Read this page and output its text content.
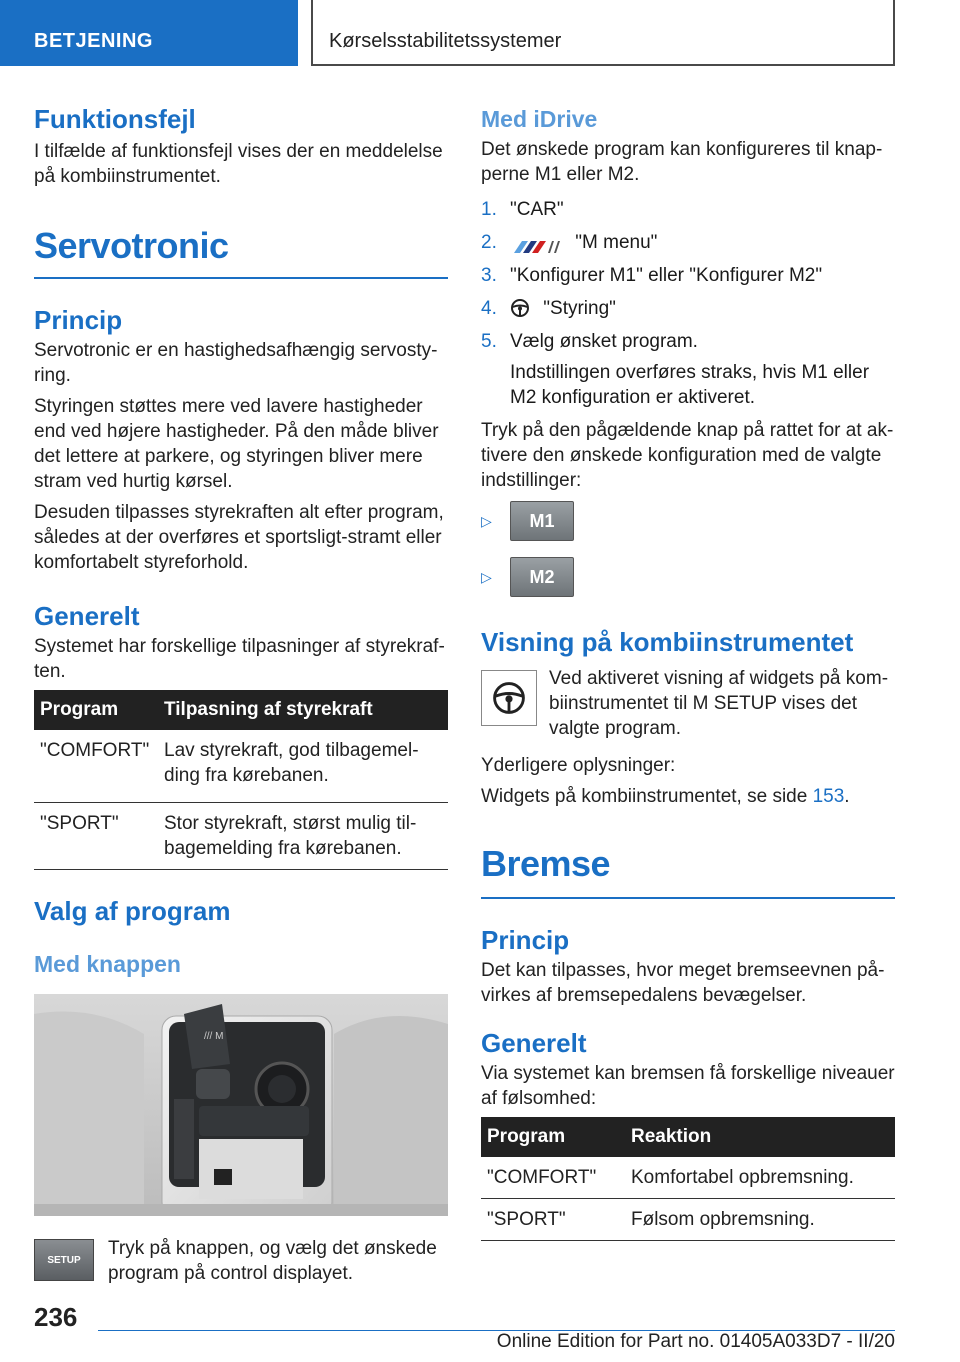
BETJENING	Kørselsstabilitetssystemer
Funktionsfejl

I tilfælde af funktionsfejl vises der en meddelelse på kombiinstrumentet.

Servotronic
Princip

Servotronic er en hastighedsafhængig servostyring.

Styringen støttes mere ved lavere hastigheder end ved højere hastigheder. På den måde bliver det lettere at parkere, og styringen bliver mere stram ved hurtig kørsel.

Desuden tilpasses styrekraften alt efter program, således at der overføres et sportsligt-stramt eller komfortabelt styreforhold.

Generelt

Systemet har forskellige tilpasninger af styrekraften.

Program	Tilpasning af styrekraft
"COMFORT"	Lav styrekraft, god tilbagemelding fra kørebanen.
"SPORT"	Stor styrekraft, størst mulig tilbagemelding fra kørebanen.
Valg af program
Med knappen
/// M
SETUP

Tryk på knappen, og vælg det ønskede program på control displayet.

Med iDrive

Det ønskede program kan konfigureres til knapperne M1 eller M2.

1. "CAR"
2.	"M menu"
3. "Konfigurer M1" eller "Konfigurer M2"
4. "Styring"
5. Vælg ønsket program.
Indstillingen overføres straks, hvis M1 eller M2 konfiguration er aktiveret.

Tryk på den pågældende knap på rattet for at aktivere den ønskede konfiguration med de valgte indstillinger:

▷	M1
▷	M2
Visning på kombiinstrumentet

Ved aktiveret visning af widgets på kombiinstrumentet til M SETUP vises det valgte program.

Yderligere oplysninger:

Widgets på kombiinstrumentet, se side 153.

Bremse
Princip

Det kan tilpasses, hvor meget bremseevnen påvirkes af bremsepedalens bevægelser.

Generelt

Via systemet kan bremsen få forskellige niveauer af følsomhed:

Program	Reaktion
"COMFORT"	Komfortabel opbremsning.
"SPORT"	Følsom opbremsning.
236
Online Edition for Part no. 01405A033D7 - II/20
